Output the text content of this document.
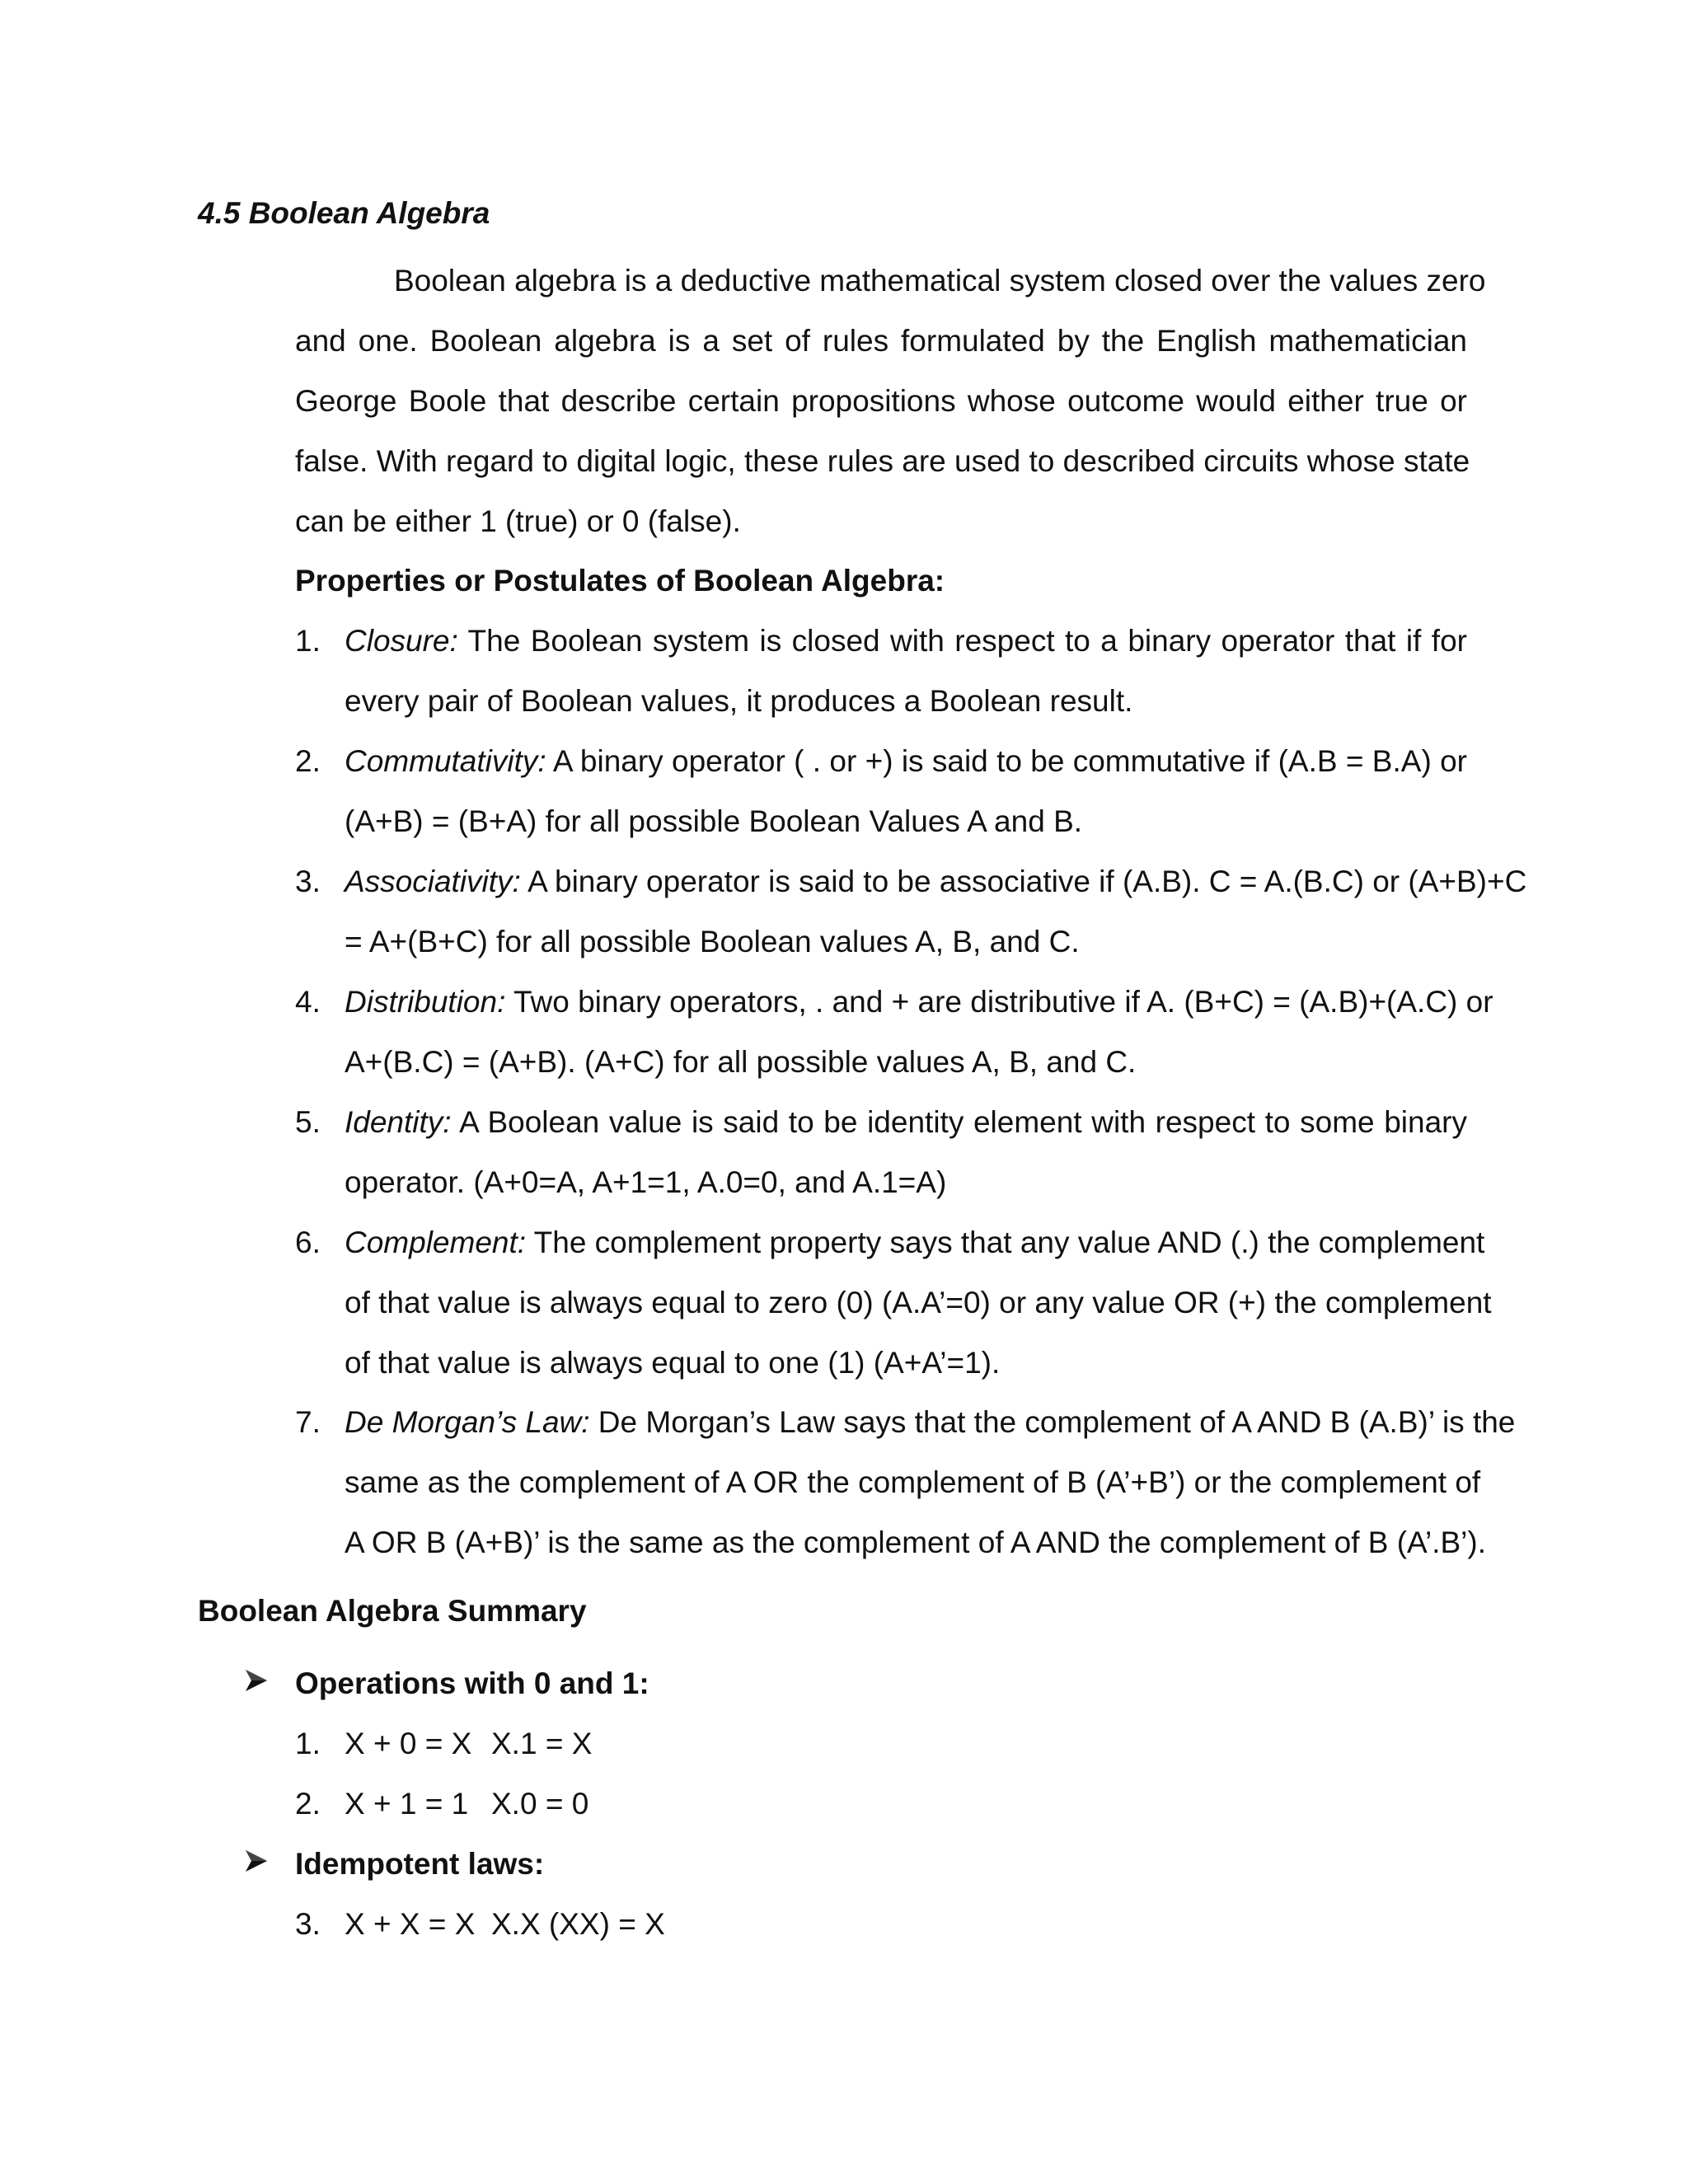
4.5 Boolean Algebra
Boolean algebra is a deductive mathematical system closed over the values zero
and one. Boolean algebra is a set of rules formulated by the English mathematician
George Boole that describe certain propositions whose outcome would either true or
false. With regard to digital logic, these rules are used to described circuits whose state
can be either 1 (true) or 0 (false).
Properties or Postulates of Boolean Algebra:
1. Closure: The Boolean system is closed with respect to a binary operator that if for
every pair of Boolean values, it produces a Boolean result.
2. Commutativity: A binary operator ( . or +) is said to be commutative if (A.B = B.A) or
(A+B) = (B+A) for all possible Boolean Values A and B.
3. Associativity: A binary operator is said to be associative if (A.B). C = A.(B.C) or (A+B)+C
= A+(B+C) for all possible Boolean values A, B, and C.
4. Distribution: Two binary operators, . and + are distributive if A. (B+C) = (A.B)+(A.C) or
A+(B.C) = (A+B). (A+C) for all possible values A, B, and C.
5. Identity: A Boolean value is said to be identity element with respect to some binary
operator. (A+0=A, A+1=1, A.0=0, and A.1=A)
6. Complement: The complement property says that any value AND (.) the complement
of that value is always equal to zero (0) (A.A’=0) or any value OR (+) the complement
of that value is always equal to one (1) (A+A’=1).
7. De Morgan’s Law: De Morgan’s Law says that the complement of A AND B (A.B)’ is the
same as the complement of A OR the complement of B (A’+B’) or the complement of
A OR B (A+B)’ is the same as the complement of A AND the complement of B (A’.B’).
Boolean Algebra Summary
Operations with 0 and 1:
1. X + 0 = X X.1 = X
2. X + 1 = 1 X.0 = 0
Idempotent laws:
3. X + X = X X.X (XX) = X
